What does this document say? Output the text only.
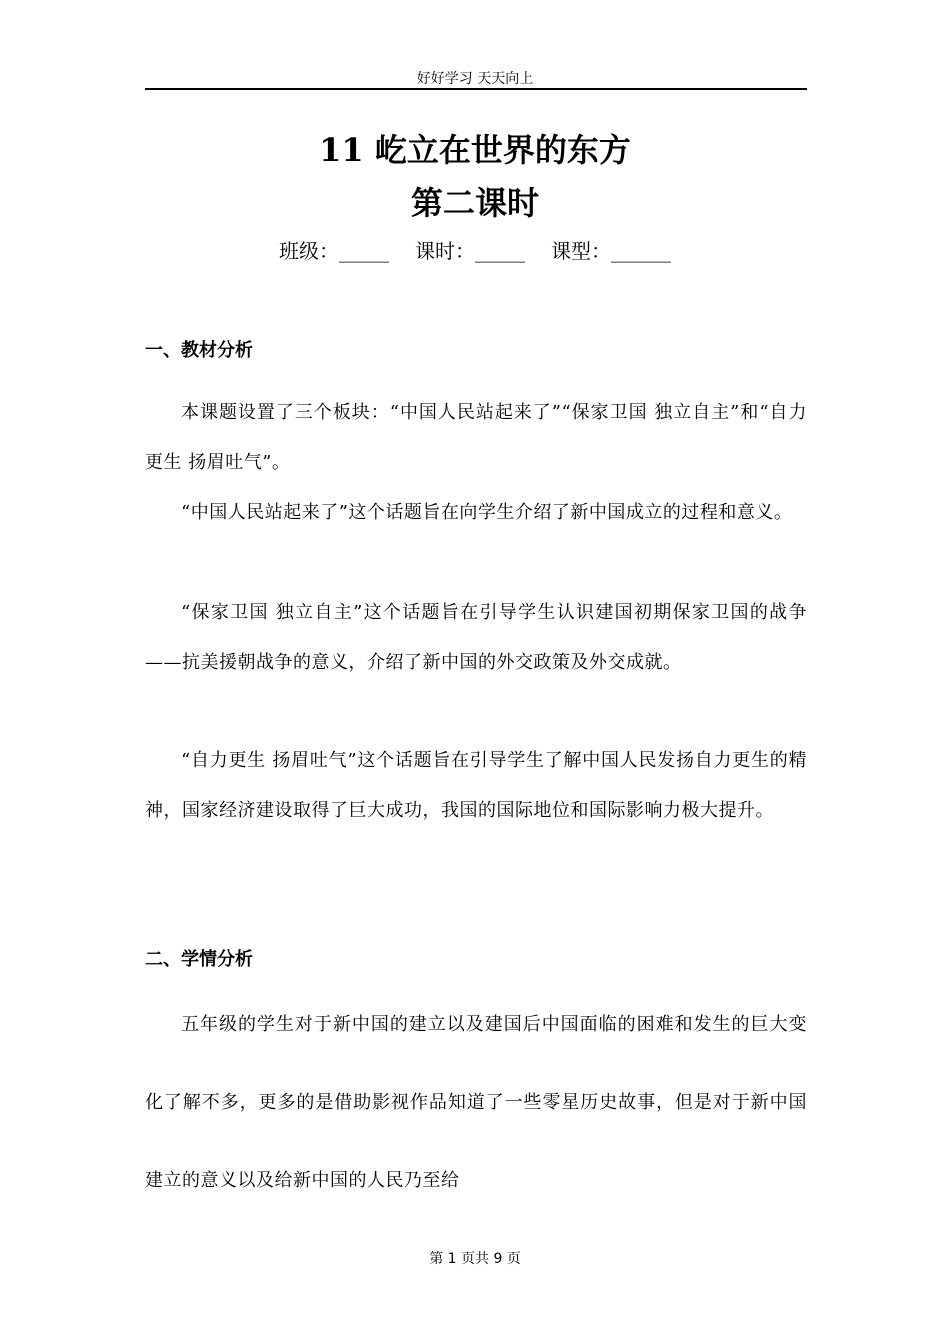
好好学习 天天向上
11 屹立在世界的东方
第二课时
班级：_____ 课时：_____ 课型：______
一、教材分析

本课题设置了三个板块：“中国人民站起来了”“保家卫国 独立自主”和“自力更生 扬眉吐气”。

“中国人民站起来了”这个话题旨在向学生介绍了新中国成立的过程和意义。

“保家卫国 独立自主”这个话题旨在引导学生认识建国初期保家卫国的战争——抗美援朝战争的意义，介绍了新中国的外交政策及外交成就。

“自力更生 扬眉吐气”这个话题旨在引导学生了解中国人民发扬自力更生的精神，国家经济建设取得了巨大成功，我国的国际地位和国际影响力极大提升。

二、学情分析

五年级的学生对于新中国的建立以及建国后中国面临的困难和发生的巨大变化了解不多，更多的是借助影视作品知道了一些零星历史故事，但是对于新中国建立的意义以及给新中国的人民乃至给

第 1 页共 9 页
